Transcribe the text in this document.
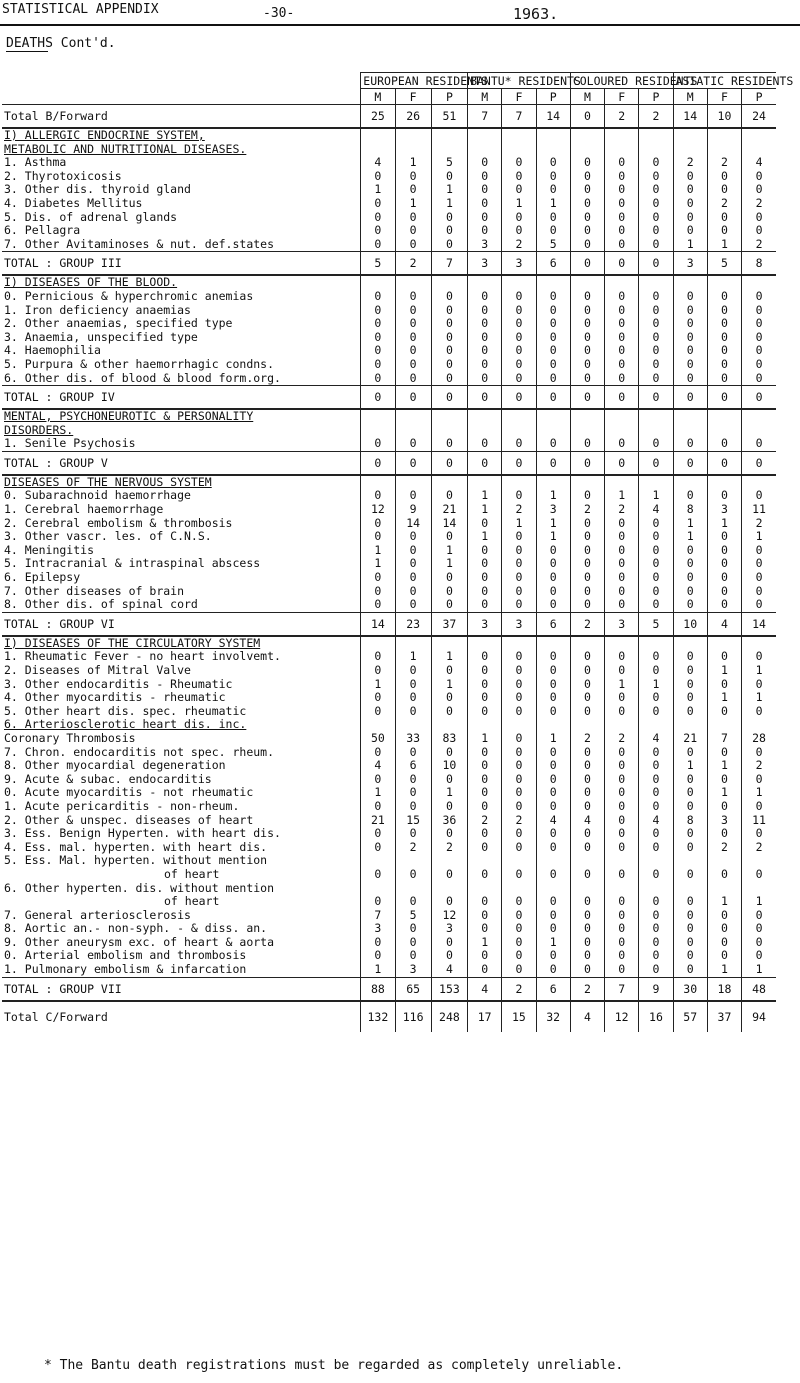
STATISTICAL APPENDIX	-30-	1963.
DEATHS Cont'd.
	EUROPEAN RESIDENTS			BANTU* RESIDENTS			COLOURED RESIDENTS			ASIATIC RESIDENTS		
	M	F	P	M	F	P	M	F	P	M	F	P
Total B/Forward	25	26	51	7	7	14	0	2	2	14	10	24
I) ALLERGIC ENDOCRINE SYSTEM,												
METABOLIC AND NUTRITIONAL DISEASES.												
1. Asthma	4	1	5	0	0	0	0	0	0	2	2	4
2. Thyrotoxicosis	0	0	0	0	0	0	0	0	0	0	0	0
3. Other dis. thyroid gland	1	0	1	0	0	0	0	0	0	0	0	0
4. Diabetes Mellitus	0	1	1	0	1	1	0	0	0	0	2	2
5. Dis. of adrenal glands	0	0	0	0	0	0	0	0	0	0	0	0
6. Pellagra	0	0	0	0	0	0	0	0	0	0	0	0
7. Other Avitaminoses & nut. def.states	0	0	0	3	2	5	0	0	0	1	1	2
TOTAL : GROUP III	5	2	7	3	3	6	0	0	0	3	5	8
I) DISEASES OF THE BLOOD.												
0. Pernicious & hyperchromic anemias	0	0	0	0	0	0	0	0	0	0	0	0
1. Iron deficiency anaemias	0	0	0	0	0	0	0	0	0	0	0	0
2. Other anaemias, specified type	0	0	0	0	0	0	0	0	0	0	0	0
3. Anaemia, unspecified type	0	0	0	0	0	0	0	0	0	0	0	0
4. Haemophilia	0	0	0	0	0	0	0	0	0	0	0	0
5. Purpura & other haemorrhagic condns.	0	0	0	0	0	0	0	0	0	0	0	0
6. Other dis. of blood & blood form.org.	0	0	0	0	0	0	0	0	0	0	0	0
TOTAL : GROUP IV	0	0	0	0	0	0	0	0	0	0	0	0
MENTAL, PSYCHONEUROTIC & PERSONALITY												
DISORDERS.												
1. Senile Psychosis	0	0	0	0	0	0	0	0	0	0	0	0
TOTAL : GROUP V	0	0	0	0	0	0	0	0	0	0	0	0
DISEASES OF THE NERVOUS SYSTEM												
0. Subarachnoid haemorrhage	0	0	0	1	0	1	0	1	1	0	0	0
1. Cerebral haemorrhage	12	9	21	1	2	3	2	2	4	8	3	11
2. Cerebral embolism & thrombosis	0	14	14	0	1	1	0	0	0	1	1	2
3. Other vascr. les. of C.N.S.	0	0	0	1	0	1	0	0	0	1	0	1
4. Meningitis	1	0	1	0	0	0	0	0	0	0	0	0
5. Intracranial & intraspinal abscess	1	0	1	0	0	0	0	0	0	0	0	0
6. Epilepsy	0	0	0	0	0	0	0	0	0	0	0	0
7. Other diseases of brain	0	0	0	0	0	0	0	0	0	0	0	0
8. Other dis. of spinal cord	0	0	0	0	0	0	0	0	0	0	0	0
TOTAL : GROUP VI	14	23	37	3	3	6	2	3	5	10	4	14
I) DISEASES OF THE CIRCULATORY SYSTEM												
1. Rheumatic Fever - no heart involvemt.	0	1	1	0	0	0	0	0	0	0	0	0
2. Diseases of Mitral Valve	0	0	0	0	0	0	0	0	0	0	1	1
3. Other endocarditis - Rheumatic	1	0	1	0	0	0	0	1	1	0	0	0
4. Other myocarditis - rheumatic	0	0	0	0	0	0	0	0	0	0	1	1
5. Other heart dis. spec. rheumatic	0	0	0	0	0	0	0	0	0	0	0	0
6. Arteriosclerotic heart dis. inc.												
Coronary Thrombosis	50	33	83	1	0	1	2	2	4	21	7	28
7. Chron. endocarditis not spec. rheum.	0	0	0	0	0	0	0	0	0	0	0	0
8. Other myocardial degeneration	4	6	10	0	0	0	0	0	0	1	1	2
9. Acute & subac. endocarditis	0	0	0	0	0	0	0	0	0	0	0	0
0. Acute myocarditis - not rheumatic	1	0	1	0	0	0	0	0	0	0	1	1
1. Acute pericarditis - non-rheum.	0	0	0	0	0	0	0	0	0	0	0	0
2. Other & unspec. diseases of heart	21	15	36	2	2	4	4	0	4	8	3	11
3. Ess. Benign Hyperten. with heart dis.	0	0	0	0	0	0	0	0	0	0	0	0
4. Ess. mal. hyperten. with heart dis.	0	2	2	0	0	0	0	0	0	0	2	2

5. Ess. Mal. hyperten. without mention
of heart	0	0	0	0	0	0	0	0	0	0	0	0

6. Other hyperten. dis. without mention
of heart	0	0	0	0	0	0	0	0	0	0	1	1
7. General arteriosclerosis	7	5	12	0	0	0	0	0	0	0	0	0
8. Aortic an.- non-syph. - & diss. an.	3	0	3	0	0	0	0	0	0	0	0	0
9. Other aneurysm exc. of heart & aorta	0	0	0	1	0	1	0	0	0	0	0	0
0. Arterial embolism and thrombosis	0	0	0	0	0	0	0	0	0	0	0	0
1. Pulmonary embolism & infarcation	1	3	4	0	0	0	0	0	0	0	1	1
TOTAL : GROUP VII	88	65	153	4	2	6	2	7	9	30	18	48
Total C/Forward	132	116	248	17	15	32	4	12	16	57	37	94
* The Bantu death registrations must be regarded as completely unreliable.
